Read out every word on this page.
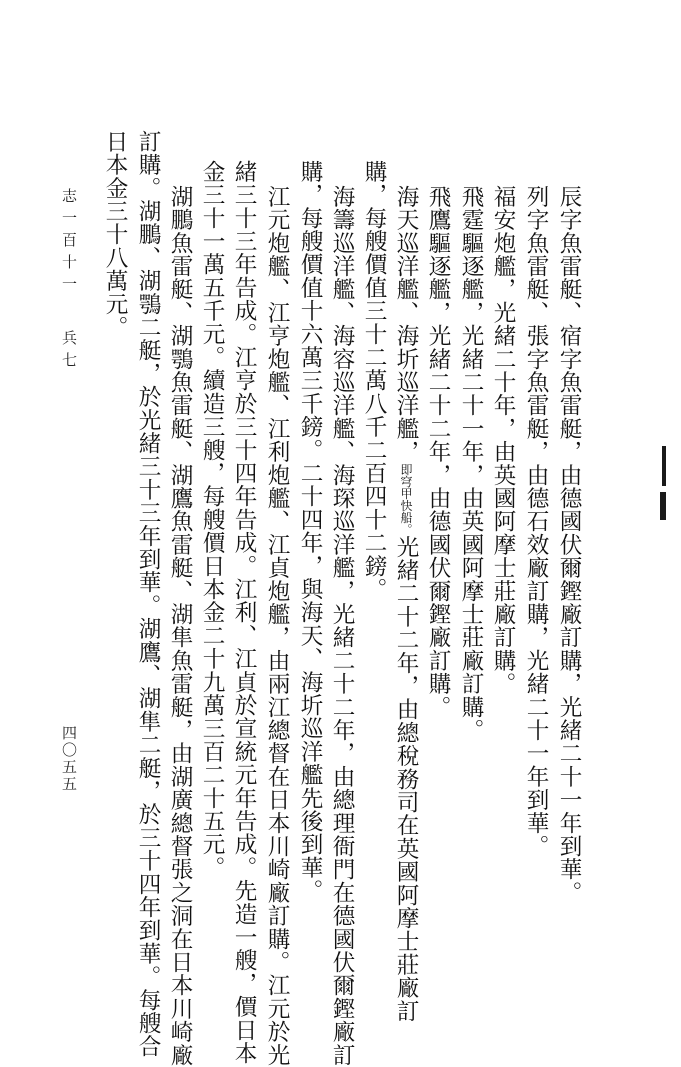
辰字魚雷艇、宿字魚雷艇，由德國伏爾鏗廠訂購，光緒二十一年到華。
列字魚雷艇、張字魚雷艇，由德石效廠訂購，光緒二十一年到華。
福安炮艦，光緒二十年，由英國阿摩士莊廠訂購。
飛霆驅逐艦，光緒二十一年，由英國阿摩士莊廠訂購。
飛鷹驅逐艦，光緒二十二年，由德國伏爾鏗廠訂購。
海天巡洋艦、海圻巡洋艦，即穹甲快船。光緒二十二年，由總稅務司在英國阿摩士莊廠訂
購，每艘價值三十二萬八千二百四十二鎊。
海籌巡洋艦、海容巡洋艦、海琛巡洋艦，光緒二十二年，由總理衙門在德國伏爾鏗廠訂
購，每艘價值十六萬三千鎊。二十四年，與海天、海圻巡洋艦先後到華。
江元炮艦、江亨炮艦、江利炮艦、江貞炮艦，由兩江總督在日本川崎廠訂購。江元於光
緒三十三年告成。江亨於三十四年告成。江利、江貞於宣統元年告成。先造一艘，價日本
金三十一萬五千元。續造三艘，每艘價日本金二十九萬三百二十五元。
湖鵬魚雷艇、湖鶚魚雷艇、湖鷹魚雷艇、湖隼魚雷艇，由湖廣總督張之洞在日本川崎廠
訂購。湖鵬、湖鶚二艇，於光緒三十三年到華。湖鷹、湖隼二艇，於三十四年到華。每艘合
日本金三十八萬元。
志一百十一
兵七
四〇五五
